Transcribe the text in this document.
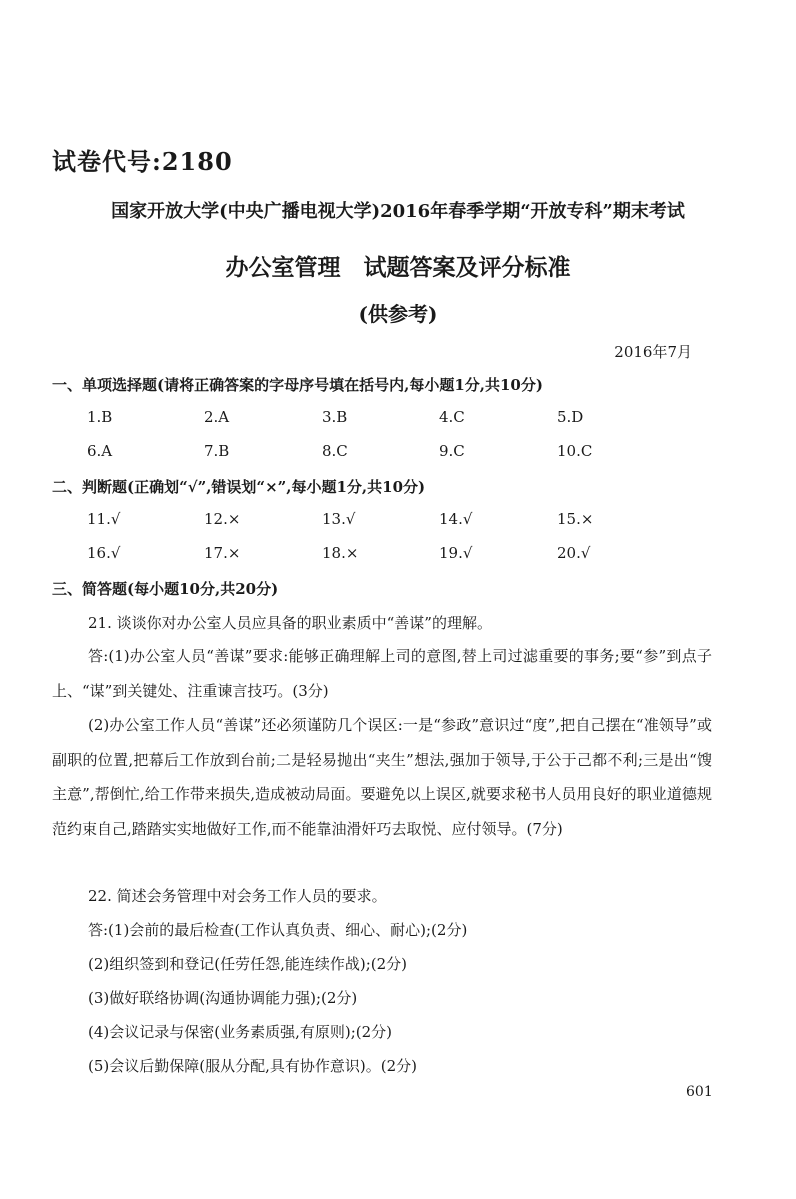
试卷代号:2180
国家开放大学(中央广播电视大学)2016年春季学期“开放专科”期末考试
办公室管理　试题答案及评分标准
(供参考)
2016年7月
一、单项选择题(请将正确答案的字母序号填在括号内,每小题1分,共10分)
1.B	2.A	3.B	4.C	5.D
6.A	7.B	8.C	9.C	10.C
二、判断题(正确划“√”,错误划“×”,每小题1分,共10分)
11.√	12.×	13.√	14.√	15.×
16.√	17.×	18.×	19.√	20.√
三、简答题(每小题10分,共20分)
21. 谈谈你对办公室人员应具备的职业素质中“善谋”的理解。

答:(1)办公室人员“善谋”要求:能够正确理解上司的意图,替上司过滤重要的事务;要“参”到点子上、“谋”到关键处、注重谏言技巧。(3分)

(2)办公室工作人员“善谋”还必须谨防几个误区:一是“参政”意识过“度”,把自己摆在“准领导”或副职的位置,把幕后工作放到台前;二是轻易抛出“夹生”想法,强加于领导,于公于己都不利;三是出“馊主意”,帮倒忙,给工作带来损失,造成被动局面。要避免以上误区,就要求秘书人员用良好的职业道德规范约束自己,踏踏实实地做好工作,而不能靠油滑奸巧去取悦、应付领导。(7分)

22. 简述会务管理中对会务工作人员的要求。
答:(1)会前的最后检查(工作认真负责、细心、耐心);(2分)
(2)组织签到和登记(任劳任怨,能连续作战);(2分)
(3)做好联络协调(沟通协调能力强);(2分)
(4)会议记录与保密(业务素质强,有原则);(2分)
(5)会议后勤保障(服从分配,具有协作意识)。(2分)
601
